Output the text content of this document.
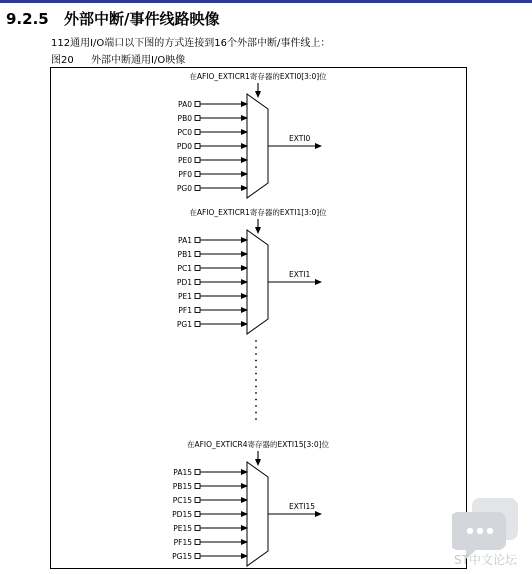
9.2.5 外部中断/事件线路映像
112通用I/O端口以下图的方式连接到16个外部中断/事件线上：
图20 外部中断通用I/O映像
在AFIO_EXTICR1寄存器的EXTI0[3:0]位
PA0
PB0
PC0
PD0
PE0
PF0
PG0
EXTI0
在AFIO_EXTICR1寄存器的EXTI1[3:0]位
PA1
PB1
PC1
PD1
PE1
PF1
PG1
EXTI1
在AFIO_EXTICR4寄存器的EXTI15[3:0]位
PA15
PB15
PC15
PD15
PE15
PF15
PG15
EXTI15
ST中文论坛
